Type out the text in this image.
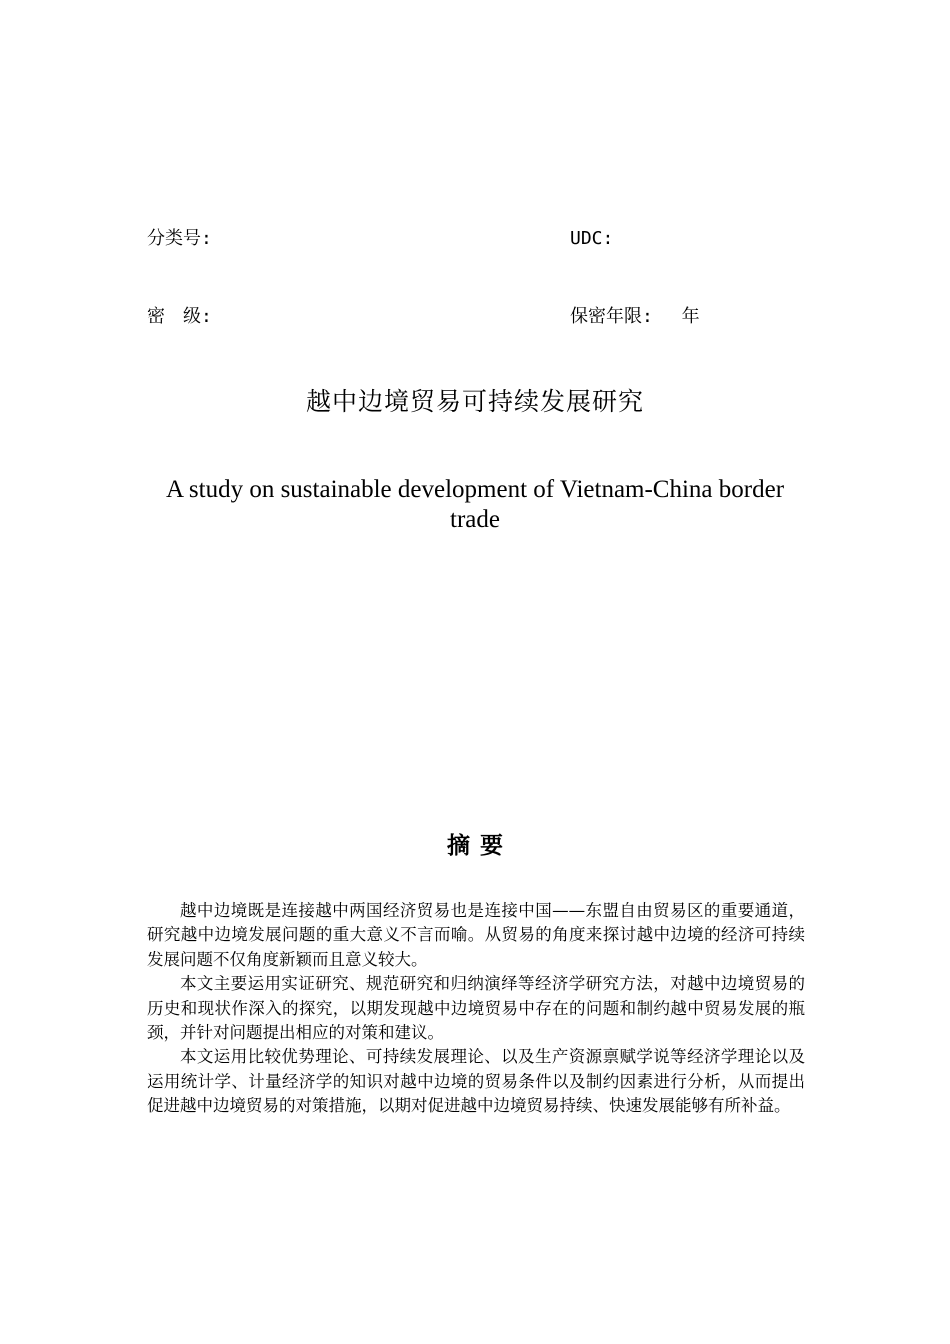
分类号:

密　级:

UDC:

保密年限:　 年

越中边境贸易可持续发展研究
A study on sustainable development of Vietnam-China border trade
摘要

越中边境既是连接越中两国经济贸易也是连接中国——东盟自由贸易区的重要通道，研究越中边境发展问题的重大意义不言而喻。从贸易的角度来探讨越中边境的经济可持续发展问题不仅角度新颖而且意义较大。

本文主要运用实证研究、规范研究和归纳演绎等经济学研究方法，对越中边境贸易的历史和现状作深入的探究，以期发现越中边境贸易中存在的问题和制约越中贸易发展的瓶颈，并针对问题提出相应的对策和建议。

本文运用比较优势理论、可持续发展理论、以及生产资源禀赋学说等经济学理论以及运用统计学、计量经济学的知识对越中边境的贸易条件以及制约因素进行分析，从而提出促进越中边境贸易的对策措施，以期对促进越中边境贸易持续、快速发展能够有所补益。
